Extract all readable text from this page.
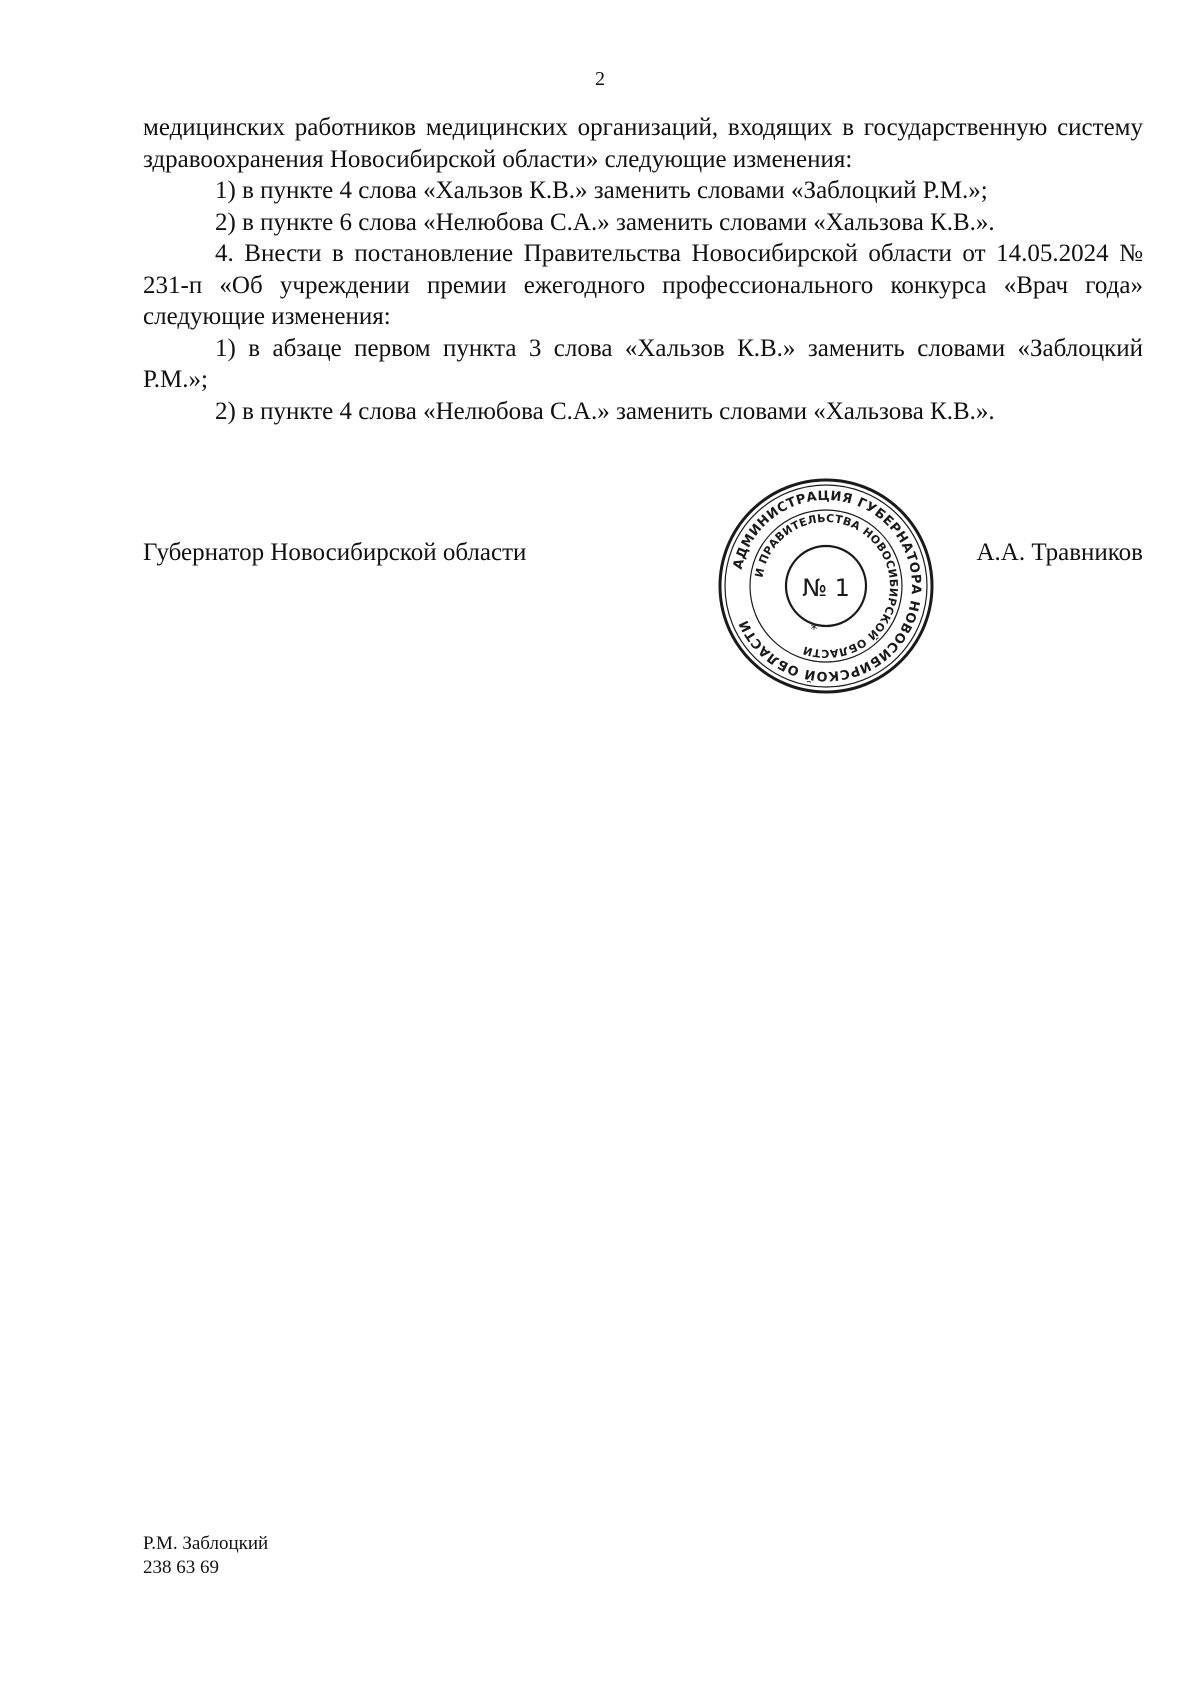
2

медицинских работников медицинских организаций, входящих в государственную систему здравоохранения Новосибирской области» следующие изменения:

1) в пункте 4 слова «Хальзов К.В.» заменить словами «Заблоцкий Р.М.»;

2) в пункте 6 слова «Нелюбова С.А.» заменить словами «Хальзова К.В.».

4. Внести в постановление Правительства Новосибирской области от 14.05.2024 № 231-п «Об учреждении премии ежегодного профессионального конкурса «Врач года» следующие изменения:

1) в абзаце первом пункта 3 слова «Хальзов К.В.» заменить словами «Заблоцкий Р.М.»;

2) в пункте 4 слова «Нелюбова С.А.» заменить словами «Хальзова К.В.».

Губернатор Новосибирской области	А.А. Травников
АДМИНИСТРАЦИЯ ГУБЕРНАТОРА НОВОСИБИРСКОЙ ОБЛАСТИ
И ПРАВИТЕЛЬСТВА НОВОСИБИРСКОЙ ОБЛАСТИ
№ 1
*
Р.М. Заблоцкий
238 63 69
